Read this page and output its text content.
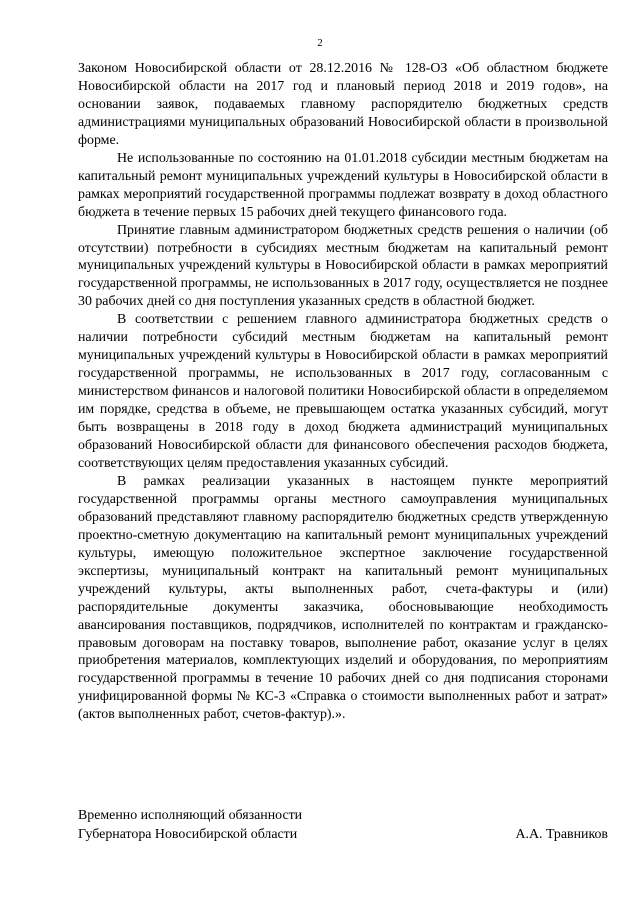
2

Законом Новосибирской области от 28.12.2016 № 128-ОЗ «Об областном бюджете Новосибирской области на 2017 год и плановый период 2018 и 2019 годов», на основании заявок, подаваемых главному распорядителю бюджетных средств администрациями муниципальных образований Новосибирской области в произвольной форме.

Не использованные по состоянию на 01.01.2018 субсидии местным бюджетам на капитальный ремонт муниципальных учреждений культуры в Новосибирской области в рамках мероприятий государственной программы подлежат возврату в доход областного бюджета в течение первых 15 рабочих дней текущего финансового года.

Принятие главным администратором бюджетных средств решения о наличии (об отсутствии) потребности в субсидиях местным бюджетам на капитальный ремонт муниципальных учреждений культуры в Новосибирской области в рамках мероприятий государственной программы, не использованных в 2017 году, осуществляется не позднее 30 рабочих дней со дня поступления указанных средств в областной бюджет.

В соответствии с решением главного администратора бюджетных средств о наличии потребности субсидий местным бюджетам на капитальный ремонт муниципальных учреждений культуры в Новосибирской области в рамках мероприятий государственной программы, не использованных в 2017 году, согласованным с министерством финансов и налоговой политики Новосибирской области в определяемом им порядке, средства в объеме, не превышающем остатка указанных субсидий, могут быть возвращены в 2018 году в доход бюджета администраций муниципальных образований Новосибирской области для финансового обеспечения расходов бюджета, соответствующих целям предоставления указанных субсидий.

В рамках реализации указанных в настоящем пункте мероприятий государственной программы органы местного самоуправления муниципальных образований представляют главному распорядителю бюджетных средств утвержденную проектно-сметную документацию на капитальный ремонт муниципальных учреждений культуры, имеющую положительное экспертное заключение государственной экспертизы, муниципальный контракт на капитальный ремонт муниципальных учреждений культуры, акты выполненных работ, счета-фактуры и (или) распорядительные документы заказчика, обосновывающие необходимость авансирования поставщиков, подрядчиков, исполнителей по контрактам и гражданско-правовым договорам на поставку товаров, выполнение работ, оказание услуг в целях приобретения материалов, комплектующих изделий и оборудования, по мероприятиям государственной программы в течение 10 рабочих дней со дня подписания сторонами унифицированной формы № КС-3 «Справка о стоимости выполненных работ и затрат» (актов выполненных работ, счетов-фактур).».

Временно исполняющий обязанности
Губернатора Новосибирской области	А.А. Травников
